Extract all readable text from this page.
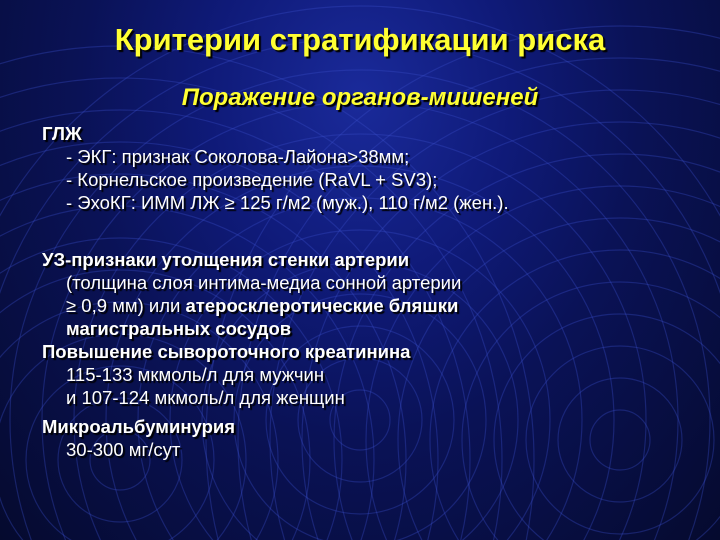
Критерии стратификации риска
Поражение органов-мишеней
ГЛЖ
- ЭКГ: признак Соколова-Лайона>38мм;
- Корнельское произведение (RaVL + SV3);
- ЭхоКГ: ИММ ЛЖ ≥ 125 г/м2 (муж.), 110 г/м2 (жен.).
УЗ-признаки утолщения стенки артерии
(толщина слоя интима-медиа сонной артерии
≥ 0,9 мм) или атеросклеротические бляшки
магистральных сосудов
Повышение сывороточного креатинина
115-133 мкмоль/л для мужчин
и 107-124 мкмоль/л для женщин
Микроальбуминурия
30-300 мг/сут
